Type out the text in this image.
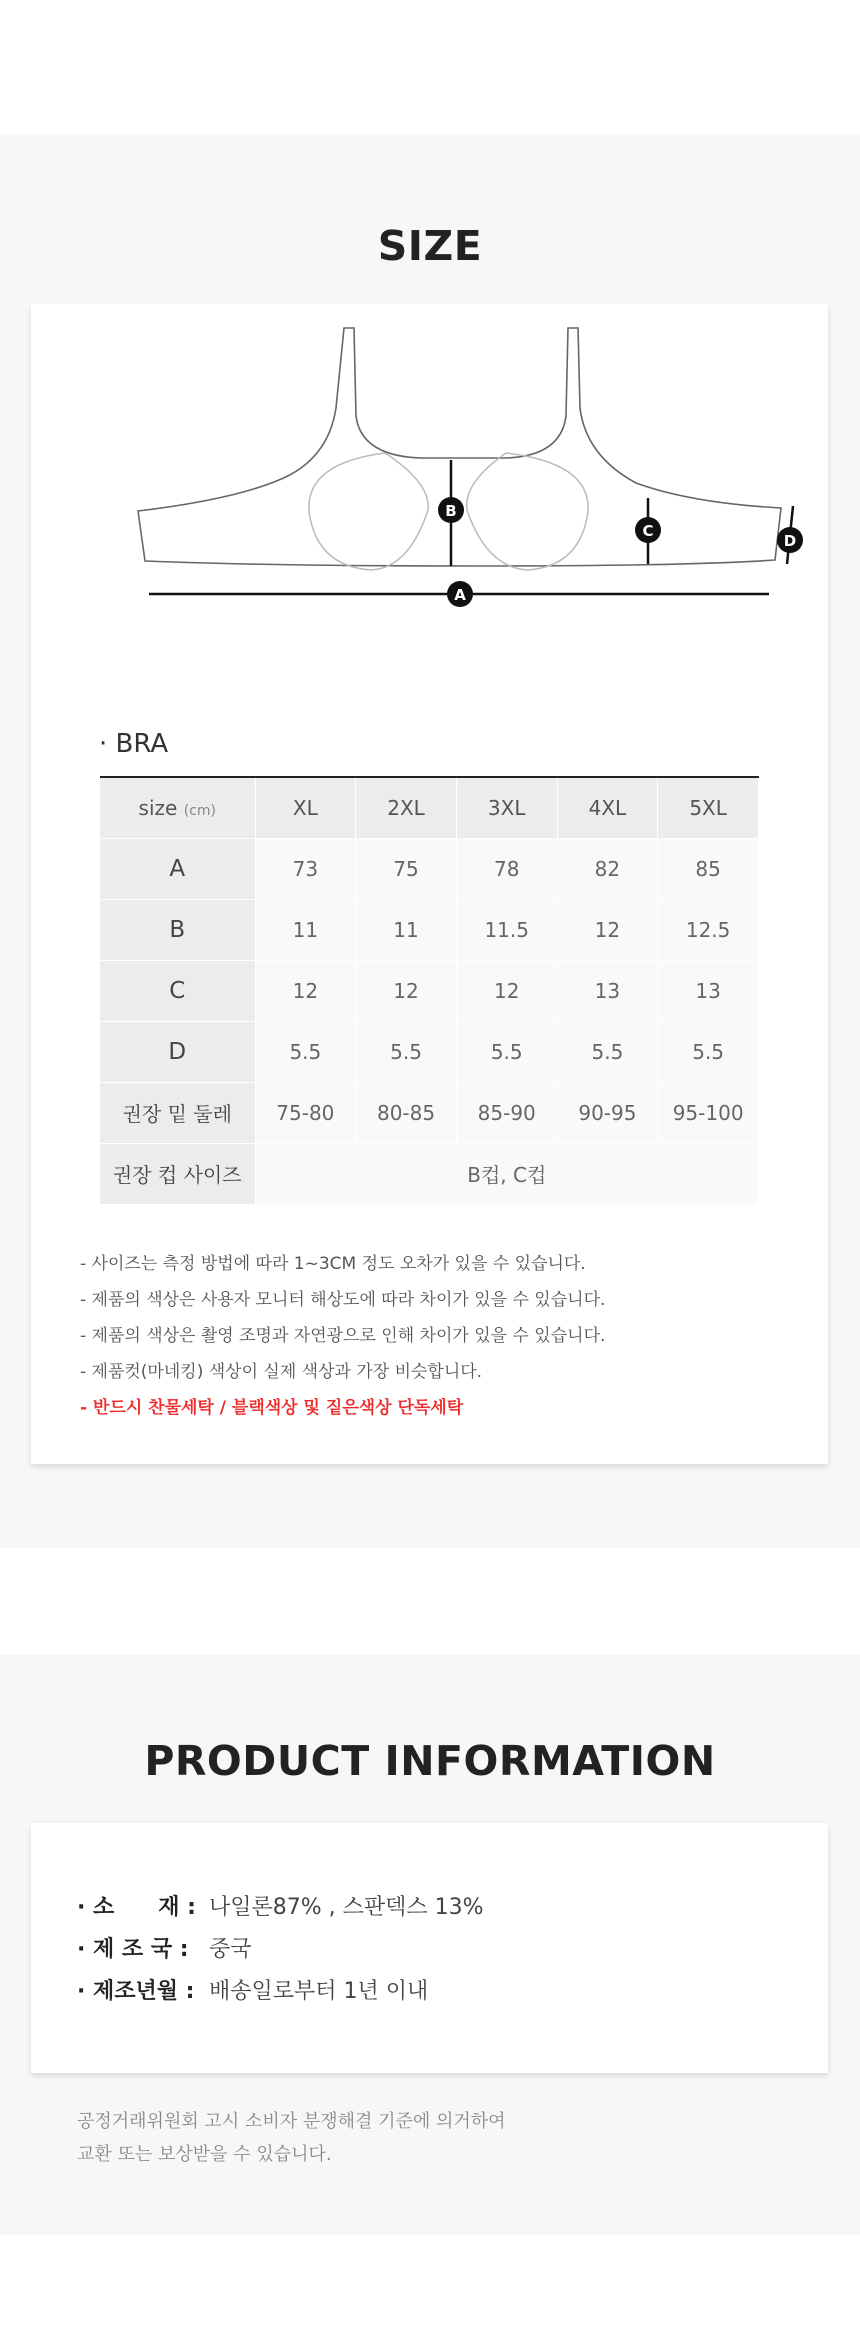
SIZE
B
C
D
A
· BRA
size (cm)	XL	2XL	3XL	4XL	5XL
A	73	75	78	82	85
B	11	11	11.5	12	12.5
C	12	12	12	13	13
D	5.5	5.5	5.5	5.5	5.5
권장 밑 둘레	75-80	80-85	85-90	90-95	95-100
권장 컵 사이즈	B컵, C컵				
- 사이즈는 측정 방법에 따라 1~3CM 정도 오차가 있을 수 있습니다.
- 제품의 색상은 사용자 모니터 해상도에 따라 차이가 있을 수 있습니다.
- 제품의 색상은 촬영 조명과 자연광으로 인해 차이가 있을 수 있습니다.
- 제품컷(마네킹) 색상이 실제 색상과 가장 비슷합니다.
- 반드시 찬물세탁 / 블랙색상 및 짙은색상 단독세탁
PRODUCT INFORMATION
· 소　　재 : 나일론87% , 스판덱스 13%
· 제 조 국 : 중국
· 제조년월 : 배송일로부터 1년 이내
공정거래위원회 고시 소비자 분쟁해결 기준에 의거하여
교환 또는 보상받을 수 있습니다.
